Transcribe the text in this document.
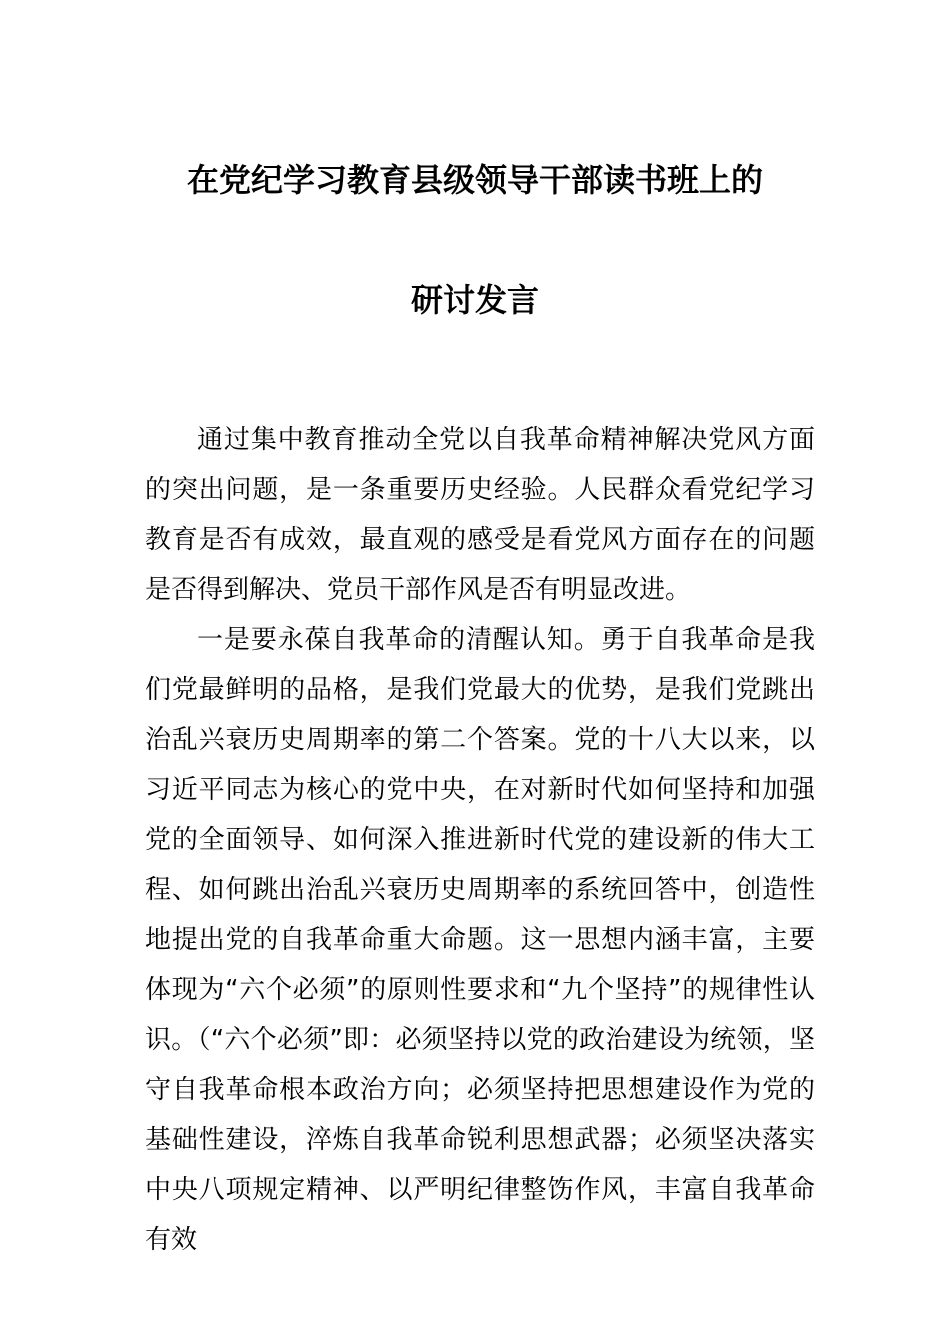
在党纪学习教育县级领导干部读书班上的
研讨发言

通过集中教育推动全党以自我革命精神解决党风方面的突出问题，是一条重要历史经验。人民群众看党纪学习教育是否有成效，最直观的感受是看党风方面存在的问题是否得到解决、党员干部作风是否有明显改进。

一是要永葆自我革命的清醒认知。勇于自我革命是我们党最鲜明的品格，是我们党最大的优势，是我们党跳出治乱兴衰历史周期率的第二个答案。党的十八大以来，以习近平同志为核心的党中央，在对新时代如何坚持和加强党的全面领导、如何深入推进新时代党的建设新的伟大工程、如何跳出治乱兴衰历史周期率的系统回答中，创造性地提出党的自我革命重大命题。这一思想内涵丰富，主要体现为“六个必须”的原则性要求和“九个坚持”的规律性认识。（“六个必须”即：必须坚持以党的政治建设为统领，坚守自我革命根本政治方向；必须坚持把思想建设作为党的基础性建设，淬炼自我革命锐利思想武器；必须坚决落实中央八项规定精神、以严明纪律整饬作风，丰富自我革命有效
